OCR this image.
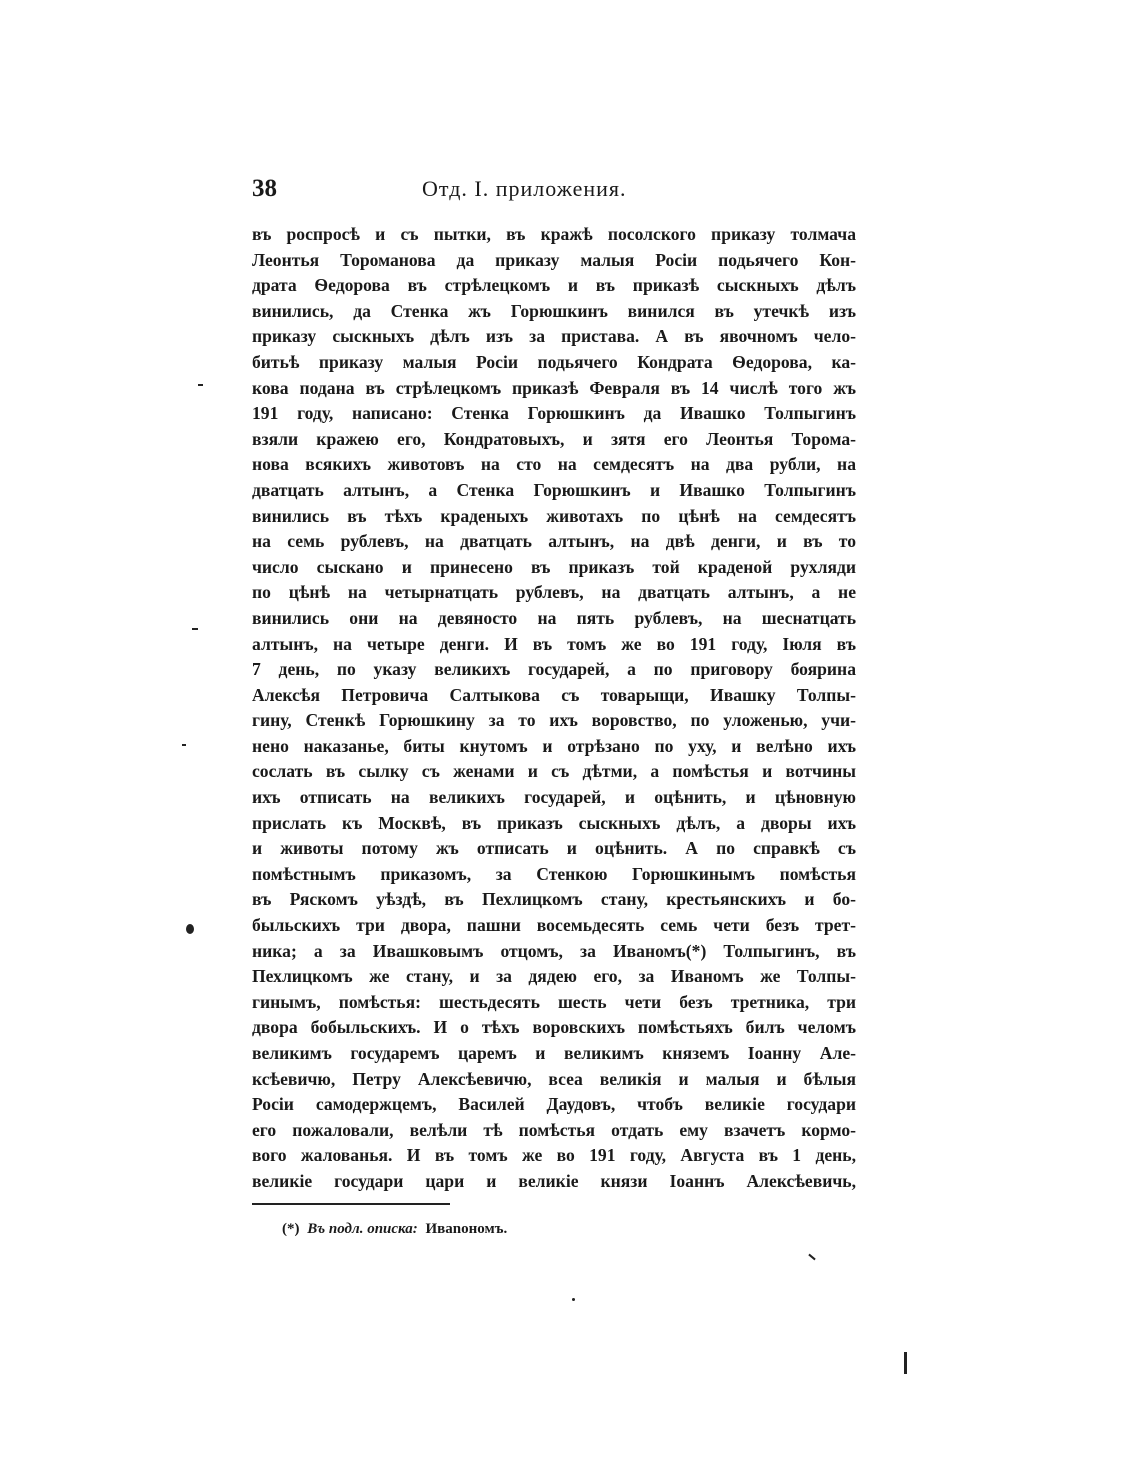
38	Отд. I. приложения.
въ роспросѣ и съ пытки, въ кражѣ посолского приказу толмача
Леонтья Тороманова да приказу малыя Росіи подьячего Кон-
драта Ѳедорова въ стрѣлецкомъ и въ приказѣ сыскныхъ дѣлъ
винились, да Стенка жъ Горюшкинъ винился въ утечкѣ изъ
приказу сыскныхъ дѣлъ изъ за пристава. А въ явочномъ чело-
битьѣ приказу малыя Росіи подьячего Кондрата Ѳедорова, ка-
кова подана въ стрѣлецкомъ приказѣ Февраля въ 14 числѣ того жъ
191 году, написано: Стенка Горюшкинъ да Ивашко Толпыгинъ
взяли кражею его, Кондратовыхъ, и зятя его Леонтья Торома-
нова всякихъ животовъ на сто на семдесятъ на два рубли, на
дватцать алтынъ, а Стенка Горюшкинъ и Ивашко Толпыгинъ
винились въ тѣхъ краденыхъ животахъ по цѣнѣ на семдесятъ
на семь рублевъ, на дватцать алтынъ, на двѣ денги, и въ то
число сыскано и принесено въ приказъ той краденой рухляди
по цѣнѣ на четырнатцать рублевъ, на дватцать алтынъ, а не
винились они на девяносто на пять рублевъ, на шеснатцать
алтынъ, на четыре денги. И въ томъ же во 191 году, Іюля въ
7 день, по указу великихъ государей, а по приговору боярина
Алексѣя Петровича Салтыкова съ товарыщи, Ивашку Толпы-
гину, Стенкѣ Горюшкину за то ихъ воровство, по уложенью, учи-
нено наказанье, биты кнутомъ и отрѣзано по уху, и велѣно ихъ
сослать въ сылку съ женами и съ дѣтми, а помѣстья и вотчины
ихъ отписать на великихъ государей, и оцѣнить, и цѣновную
прислать къ Москвѣ, въ приказъ сыскныхъ дѣлъ, а дворы ихъ
и животы потому жъ отписать и оцѣнить. А по справкѣ съ
помѣстнымъ приказомъ, за Стенкою Горюшкинымъ помѣстья
въ Ряскомъ уѣздѣ, въ Пехлицкомъ стану, крестьянскихъ и бо-
быльскихъ три двора, пашни восемьдесять семь чети безъ трет-
ника; а за Ивашковымъ отцомъ, за Иваномъ(*) Толпыгинъ, въ
Пехлицкомъ же стану, и за дядею его, за Иваномъ же Толпы-
гинымъ, помѣстья: шестьдесять шесть чети безъ третника, три
двора бобыльскихъ. И о тѣхъ воровскихъ помѣстьяхъ билъ челомъ
великимъ государемъ царемъ и великимъ княземъ Іоанну Але-
ксѣевичю, Петру Алексѣевичю, всеа великія и малыя и бѣлыя
Росіи самодержцемъ, Василей Даудовъ, чтобъ великіе государи
его пожаловали, велѣли тѣ помѣстья отдать ему взачетъ кормо-
вого жалованья. И въ томъ же во 191 году, Августа въ 1 день,
великіе государи цари и великіе князи Іоаннъ Алексѣевичь,
(*) Въ подл. описка: Ивanoномъ.
